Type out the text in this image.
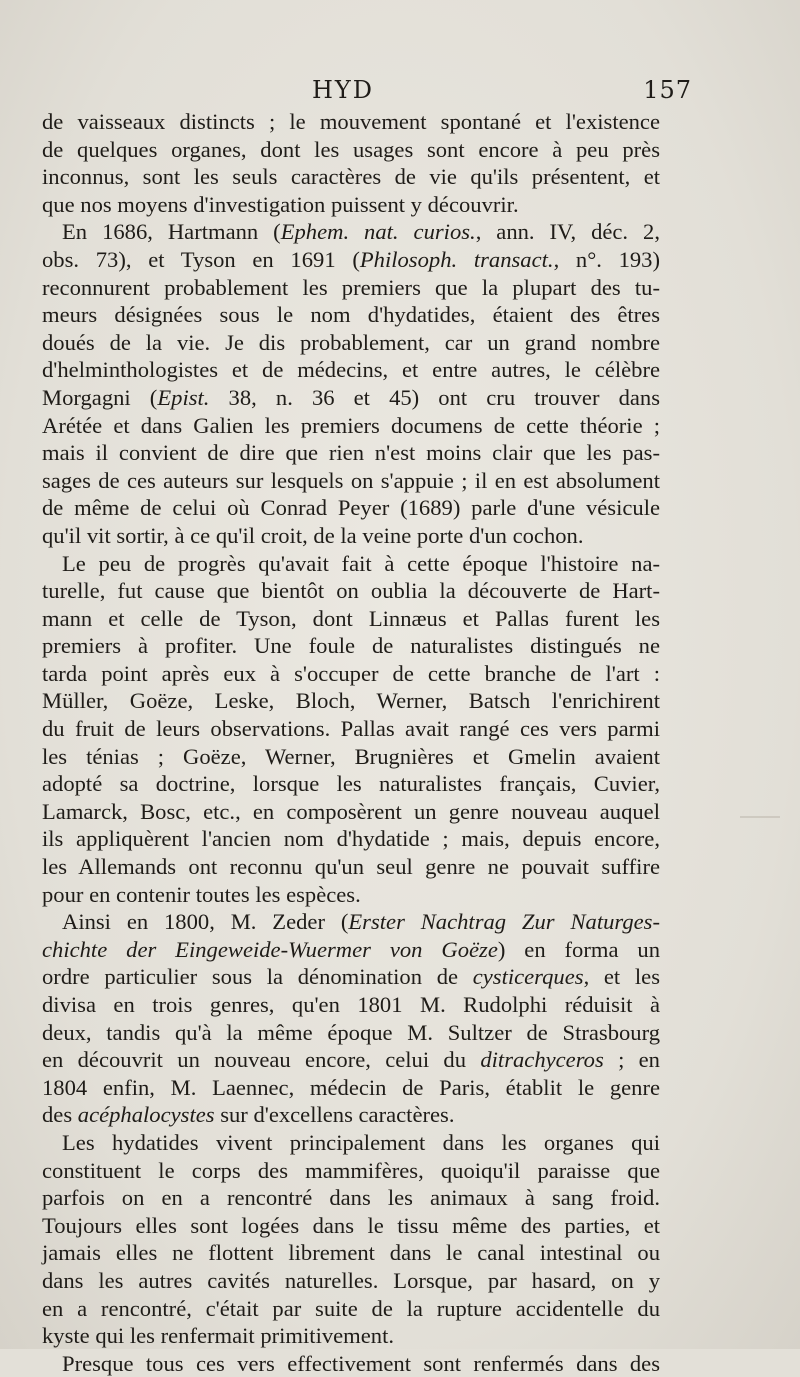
HYD	157
de vaisseaux distincts ; le mouvement spontané et l'existence
de quelques organes, dont les usages sont encore à peu près
inconnus, sont les seuls caractères de vie qu'ils présentent, et
que nos moyens d'investigation puissent y découvrir.
En 1686, Hartmann (Ephem. nat. curios., ann. IV, déc. 2,
obs. 73), et Tyson en 1691 (Philosoph. transact., n°. 193)
reconnurent probablement les premiers que la plupart des tu-
meurs désignées sous le nom d'hydatides, étaient des êtres
doués de la vie. Je dis probablement, car un grand nombre
d'helminthologistes et de médecins, et entre autres, le célèbre
Morgagni (Epist. 38, n. 36 et 45) ont cru trouver dans
Arétée et dans Galien les premiers documens de cette théorie ;
mais il convient de dire que rien n'est moins clair que les pas-
sages de ces auteurs sur lesquels on s'appuie ; il en est absolument
de même de celui où Conrad Peyer (1689) parle d'une vésicule
qu'il vit sortir, à ce qu'il croit, de la veine porte d'un cochon.
Le peu de progrès qu'avait fait à cette époque l'histoire na-
turelle, fut cause que bientôt on oublia la découverte de Hart-
mann et celle de Tyson, dont Linnæus et Pallas furent les
premiers à profiter. Une foule de naturalistes distingués ne
tarda point après eux à s'occuper de cette branche de l'art :
Müller, Goëze, Leske, Bloch, Werner, Batsch l'enrichirent
du fruit de leurs observations. Pallas avait rangé ces vers parmi
les ténias ; Goëze, Werner, Brugnières et Gmelin avaient
adopté sa doctrine, lorsque les naturalistes français, Cuvier,
Lamarck, Bosc, etc., en composèrent un genre nouveau auquel
ils appliquèrent l'ancien nom d'hydatide ; mais, depuis encore,
les Allemands ont reconnu qu'un seul genre ne pouvait suffire
pour en contenir toutes les espèces.
Ainsi en 1800, M. Zeder (Erster Nachtrag Zur Naturges-
chichte der Eingeweide-Wuermer von Goëze) en forma un
ordre particulier sous la dénomination de cysticerques, et les
divisa en trois genres, qu'en 1801 M. Rudolphi réduisit à
deux, tandis qu'à la même époque M. Sultzer de Strasbourg
en découvrit un nouveau encore, celui du ditrachyceros ; en
1804 enfin, M. Laennec, médecin de Paris, établit le genre
des acéphalocystes sur d'excellens caractères.
Les hydatides vivent principalement dans les organes qui
constituent le corps des mammifères, quoiqu'il paraisse que
parfois on en a rencontré dans les animaux à sang froid.
Toujours elles sont logées dans le tissu même des parties, et
jamais elles ne flottent librement dans le canal intestinal ou
dans les autres cavités naturelles. Lorsque, par hasard, on y
en a rencontré, c'était par suite de la rupture accidentelle du
kyste qui les renfermait primitivement.
Presque tous ces vers effectivement sont renfermés dans des
